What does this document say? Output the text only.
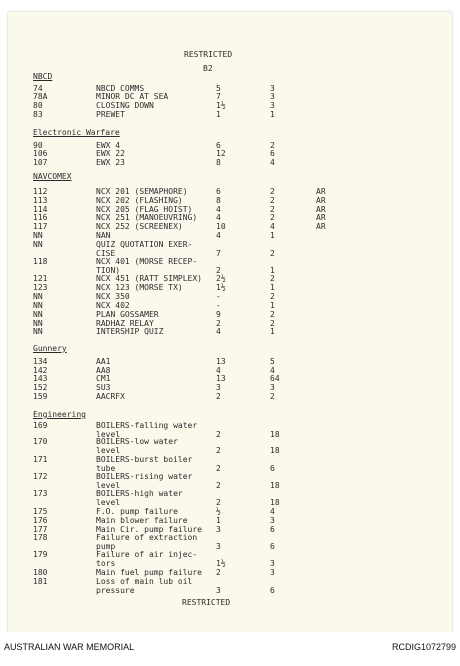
RESTRICTED
B2
NBCD
74	NBCD COMMS	5	3
78A	MINOR DC AT SEA	7	3
80	CLOSING DOWN	1½	3
83	PREWET	1	1
Electronic Warfare
90	EWX 4	6	2
106	EWX 22	12	6
107	EWX 23	8	4
NAVCOMEX
112	NCX 201 (SEMAPHORE)	6	2	AR
113	NCX 202 (FLASHING)	8	2	AR
114	NCX 205 (FLAG HOIST)	4	2	AR
116	NCX 251 (MANOEUVRING) 4	2	AR
117	NCX 252 (SCREENEX)	10	4	AR
NN	NAN	4	1
NN	QUIZ QUOTATION EXER-
CISE	7	2
118	NCX 401 (MORSE RECEP-
TION)	2	1
121	NCX 451 (RATT SIMPLEX) 2½	2
123	NCX 123 (MORSE TX)	1½	1
NN	NCX 350	-	2
NN	NCX 402	-	1
NN	PLAN GOSSAMER	9	2
NN	RADHAZ RELAY	2	2
NN	INTERSHIP QUIZ	4	1
Gunnery
134	AA1	13	5
142	AA8	4	4
143	CM1	13	64
152	SU3	3	3
159	AACRFX	2	2
Engineering
169	BOILERS-falling water
level	2	18
170	BOILERS-low water
level	2	18
171	BOILERS-burst boiler
tube	2	6
172	BOILERS-rising water
level	2	18
173	BOILERS-high water
level	2	18
175	F.O. pump failure	½	4
176	Main blower failure	1	3
177	Main Cir. pump failure 3	6
178	Failure of extraction
pump	3	6
179	Failure of air injec-
tors	1½	3
180	Main fuel pump failure 2	3
181	Loss of main lub oil
pressure	3	6
RESTRICTED
AUSTRALIAN WAR MEMORIAL	RCDIG1072799
